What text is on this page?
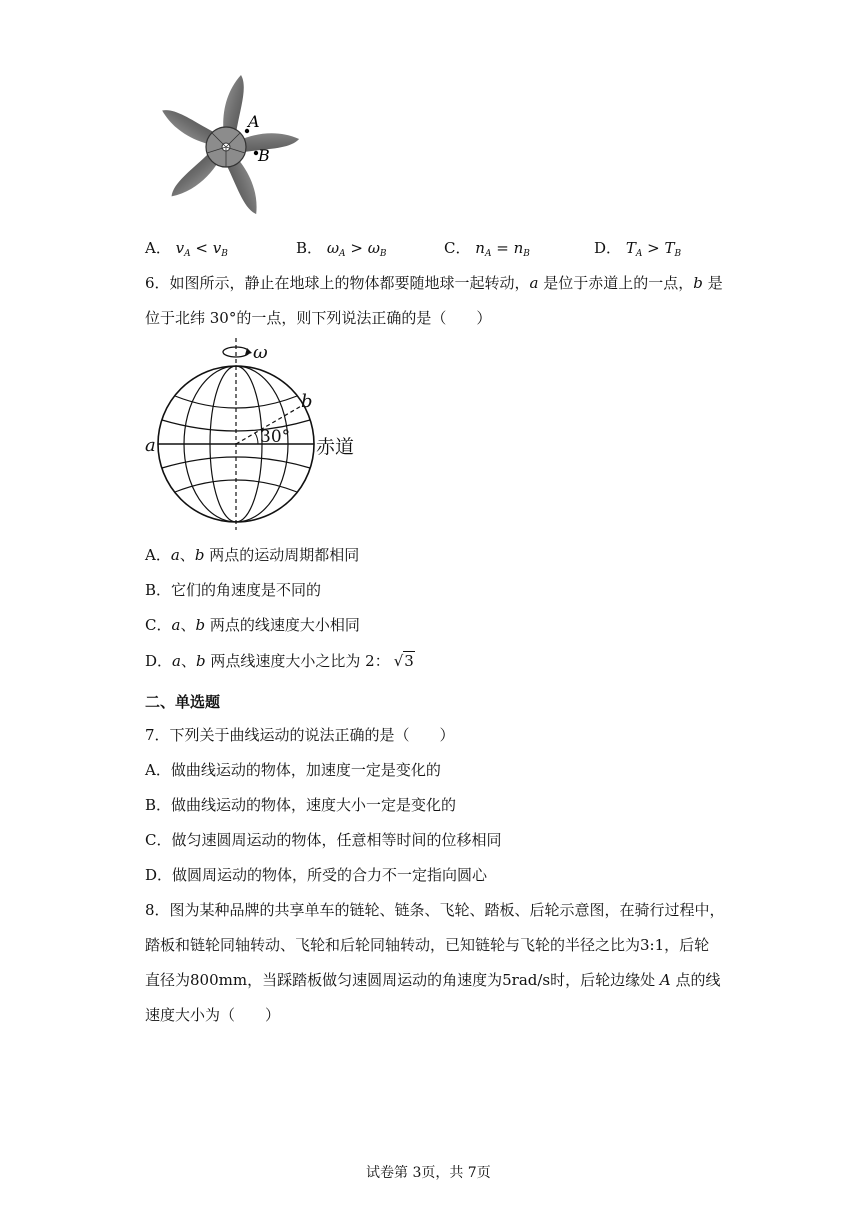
A
B
A． $v_A < v_B$	B． $\omega_A > \omega_B$	C． $n_A = n_B$	D． $T_A > T_B$
6．如图所示，静止在地球上的物体都要随地球一起转动，a 是位于赤道上的一点，b 是
位于北纬 30°的一点，则下列说法正确的是（　　）
ω
30°
a
b
赤道
A．a、b 两点的运动周期都相同
B．它们的角速度是不同的
C．a、b 两点的线速度大小相同
D．a、b 两点线速度大小之比为 2： √3
二、单选题
7．下列关于曲线运动的说法正确的是（　　）
A．做曲线运动的物体，加速度一定是变化的
B．做曲线运动的物体，速度大小一定是变化的
C．做匀速圆周运动的物体，任意相等时间的位移相同
D．做圆周运动的物体，所受的合力不一定指向圆心
8．图为某种品牌的共享单车的链轮、链条、飞轮、踏板、后轮示意图，在骑行过程中，
踏板和链轮同轴转动、飞轮和后轮同轴转动，已知链轮与飞轮的半径之比为3:1，后轮
直径为800mm，当踩踏板做匀速圆周运动的角速度为5rad/s时，后轮边缘处 A 点的线
速度大小为（　　）
试卷第 3页，共 7页
